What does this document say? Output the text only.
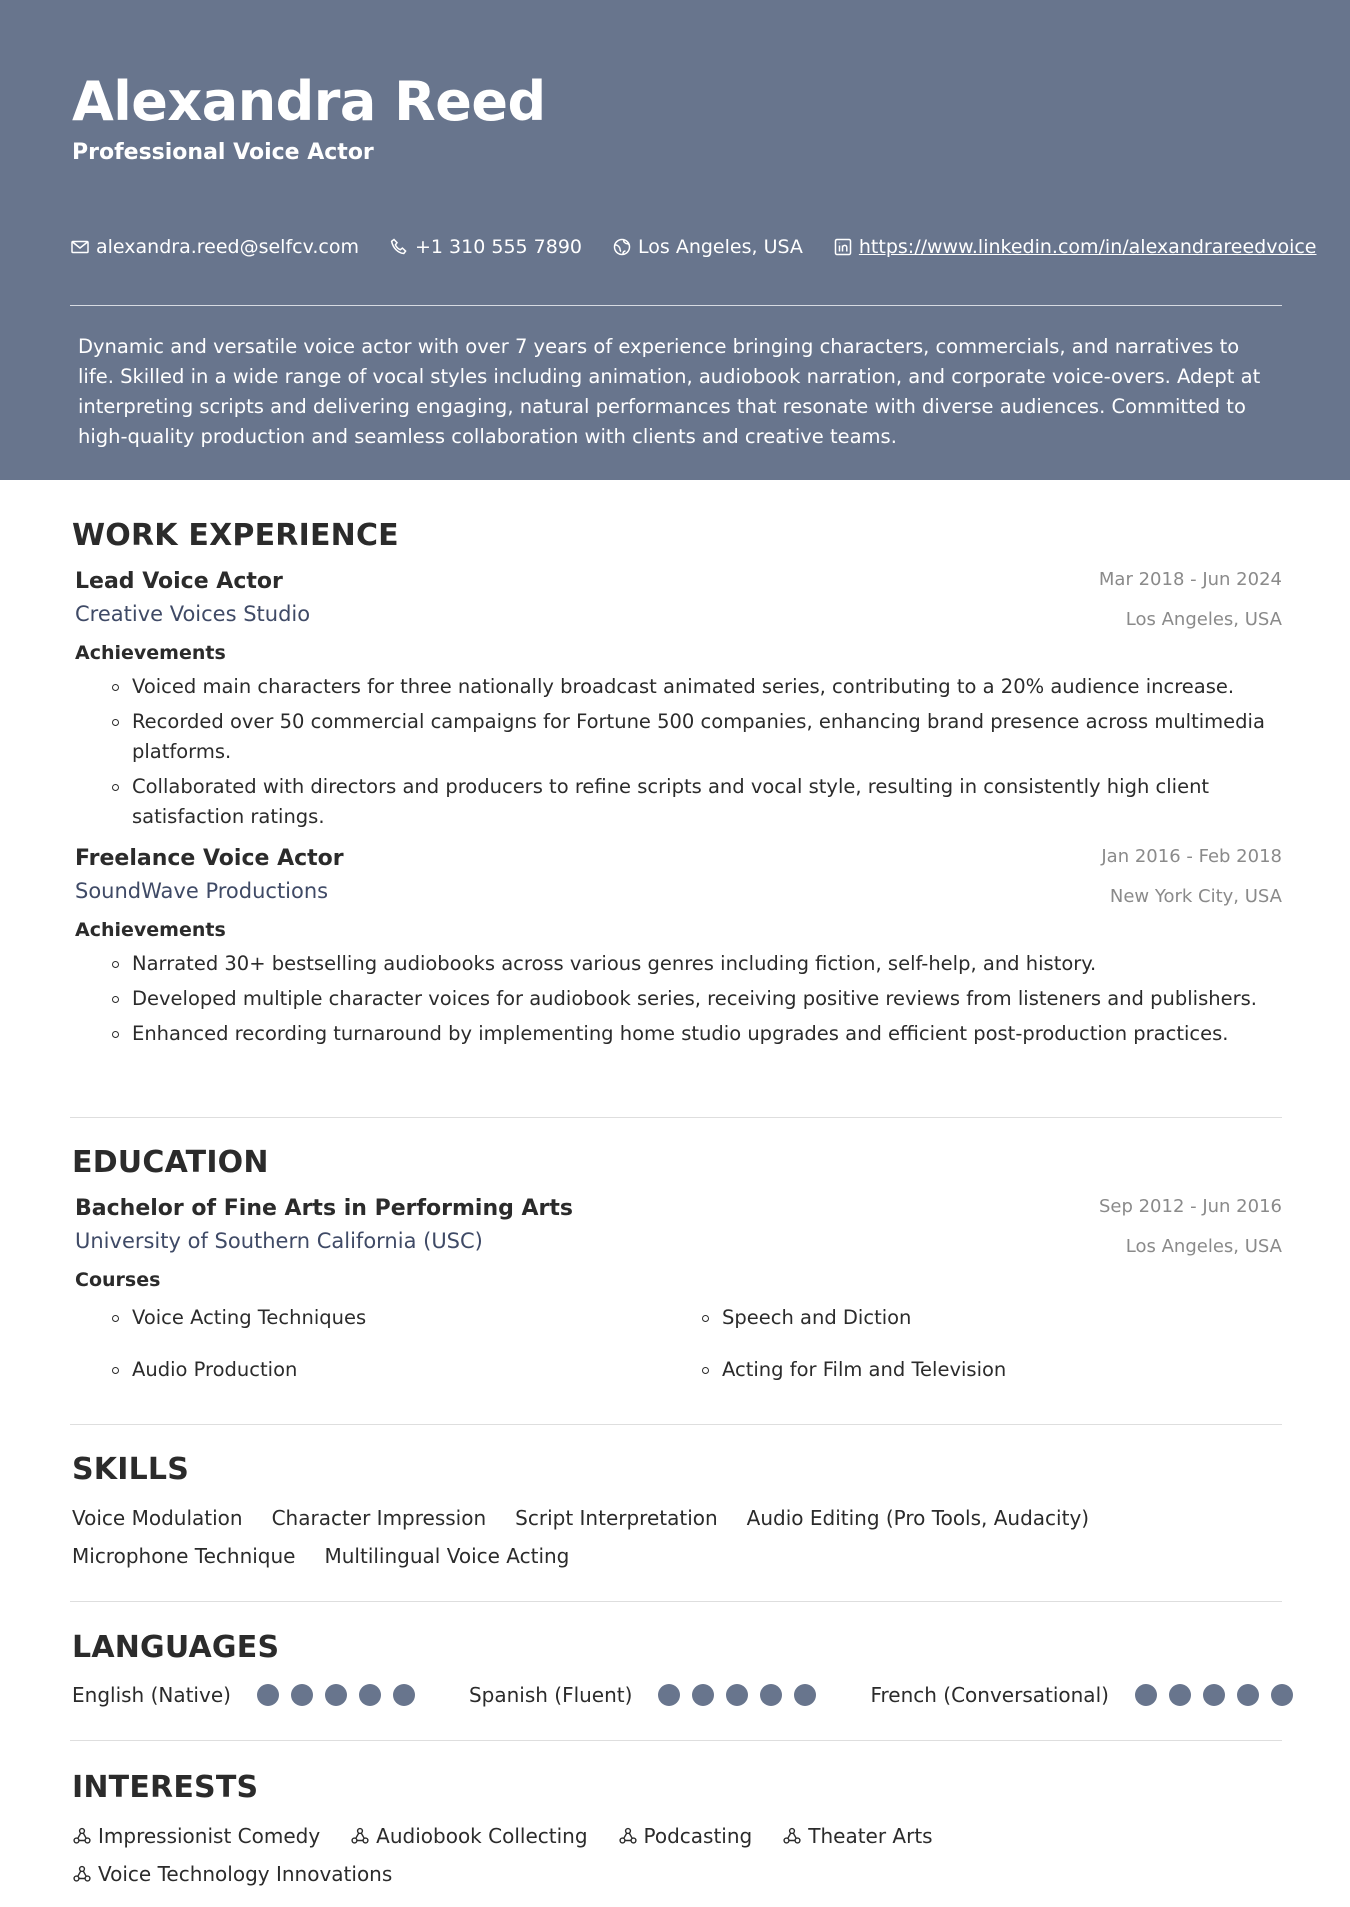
Alexandra Reed
Professional Voice Actor
alexandra.reed@selfcv.com	+1 310 555 7890	Los Angeles, USA	https://www.linkedin.com/in/alexandrareedvoice

Dynamic and versatile voice actor with over 7 years of experience bringing characters, commercials, and narratives to life. Skilled in a wide range of vocal styles including animation, audiobook narration, and corporate voice-overs. Adept at interpreting scripts and delivering engaging, natural performances that resonate with diverse audiences. Committed to high-quality production and seamless collaboration with clients and creative teams.

WORK EXPERIENCE
Lead Voice Actor
Creative Voices Studio
Mar 2018 - Jun 2024
Los Angeles, USA
Achievements
Voiced main characters for three nationally broadcast animated series, contributing to a 20% audience increase.
Recorded over 50 commercial campaigns for Fortune 500 companies, enhancing brand presence across multimedia platforms.
Collaborated with directors and producers to refine scripts and vocal style, resulting in consistently high client satisfaction ratings.
Freelance Voice Actor
SoundWave Productions
Jan 2016 - Feb 2018
New York City, USA
Achievements
Narrated 30+ bestselling audiobooks across various genres including fiction, self-help, and history.
Developed multiple character voices for audiobook series, receiving positive reviews from listeners and publishers.
Enhanced recording turnaround by implementing home studio upgrades and efficient post-production practices.
EDUCATION
Bachelor of Fine Arts in Performing Arts
University of Southern California (USC)
Sep 2012 - Jun 2016
Los Angeles, USA
Courses
Voice Acting Techniques	Speech and Diction
Audio Production	Acting for Film and Television
SKILLS
Voice Modulation Character Impression Script Interpretation Audio Editing (Pro Tools, Audacity)
Microphone Technique Multilingual Voice Acting
LANGUAGES
English (Native)	Spanish (Fluent)	French (Conversational)
INTERESTS
Impressionist Comedy	Audiobook Collecting	Podcasting	Theater Arts
Voice Technology Innovations
